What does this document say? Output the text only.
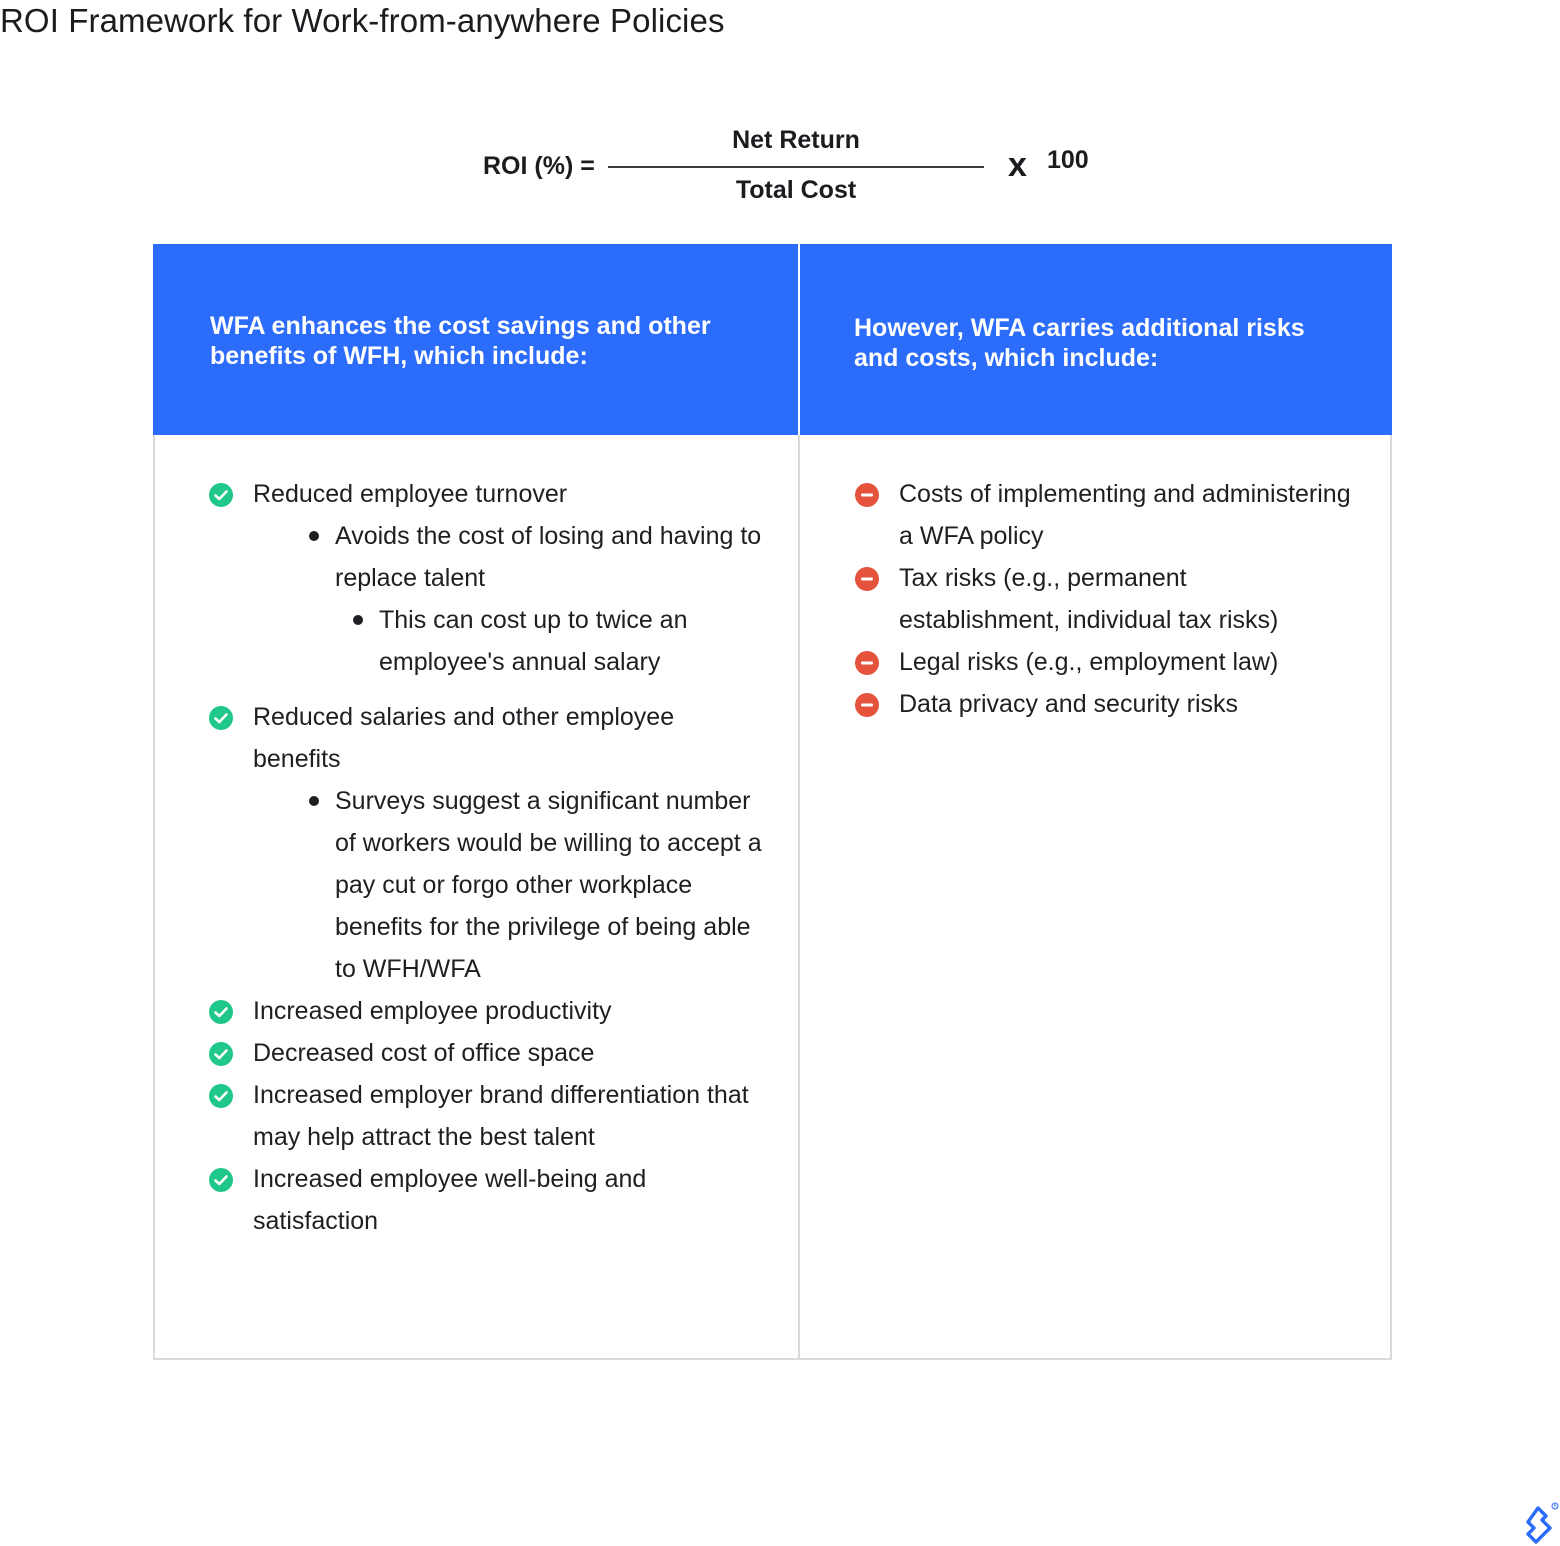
ROI Framework for Work-from-anywhere Policies
ROI (%) =
Net Return
Total Cost
x 100
WFA enhances the cost savings and other benefits of WFH, which include:
However, WFA carries additional risks and costs, which include:
Reduced employee turnover
Avoids the cost of losing and having to replace talent
This can cost up to twice an employee's annual salary
Reduced salaries and other employee benefits
Surveys suggest a significant number of workers would be willing to accept a pay cut or forgo other workplace benefits for the privilege of being able to WFH/WFA
Increased employee productivity
Decreased cost of office space
Increased employer brand differentiation that may help attract the best talent
Increased employee well-being and satisfaction
Costs of implementing and administering a WFA policy
Tax risks (e.g., permanent establishment, individual tax risks)
Legal risks (e.g., employment law)
Data privacy and security risks
R
